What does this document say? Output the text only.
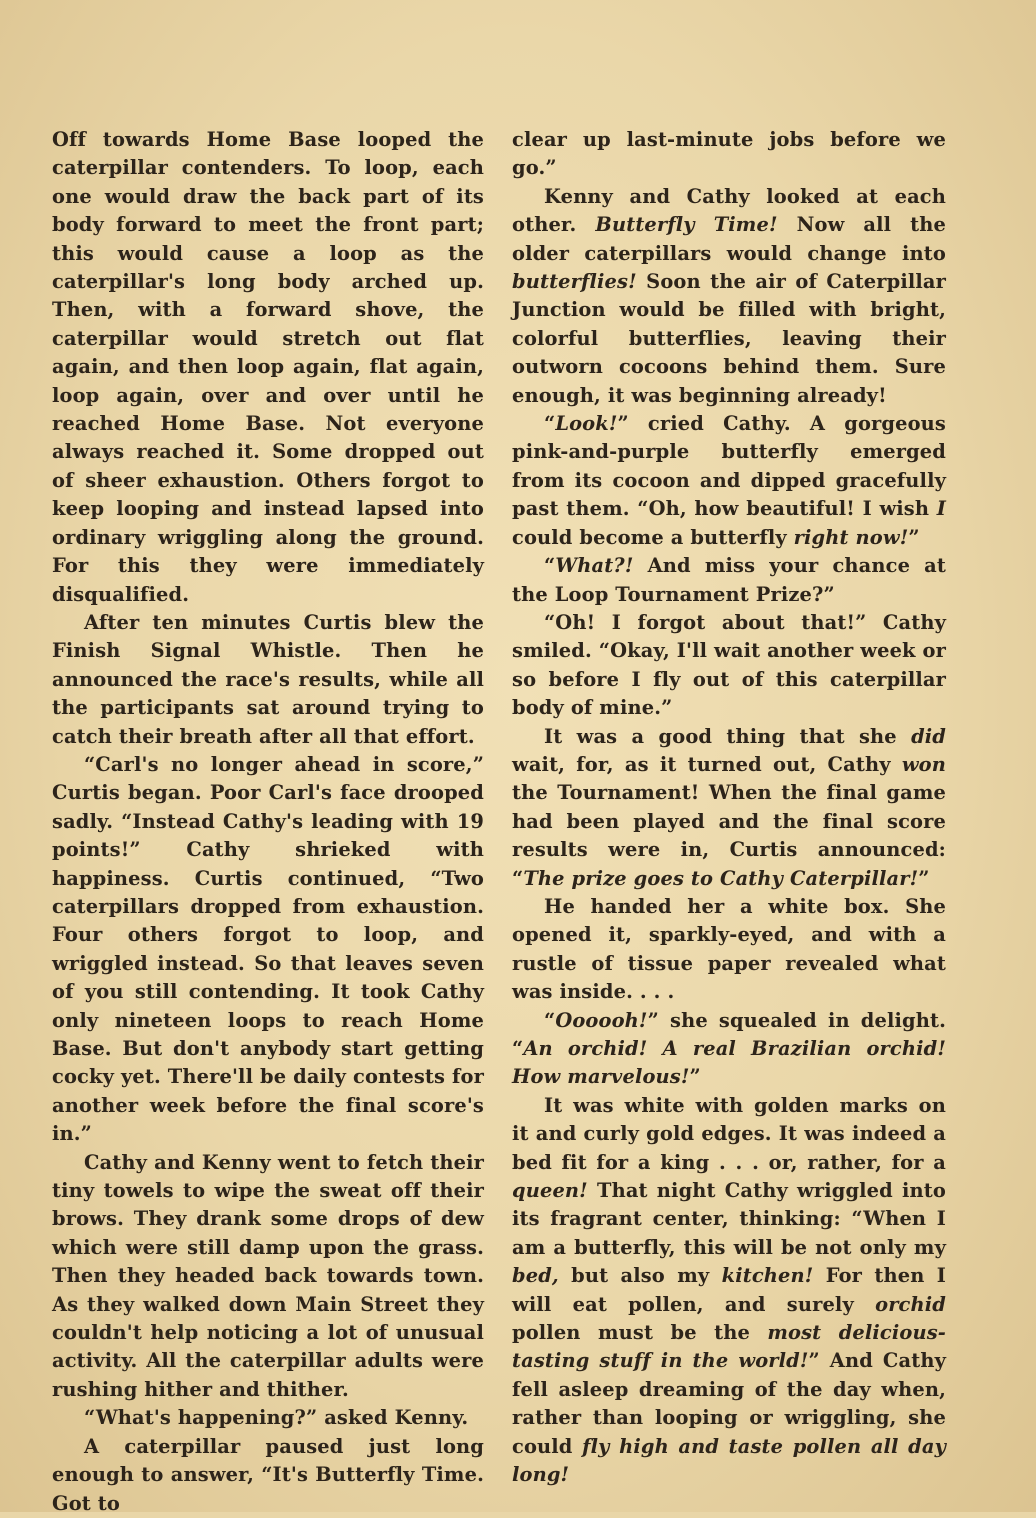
Off towards Home Base looped the caterpillar contenders. To loop, each one would draw the back part of its body forward to meet the front part; this would cause a loop as the caterpillar's long body arched up. Then, with a forward shove, the caterpillar would stretch out flat again, and then loop again, flat again, loop again, over and over until he reached Home Base. Not everyone always reached it. Some dropped out of sheer exhaustion. Others forgot to keep looping and instead lapsed into ordinary wriggling along the ground. For this they were immediately disqualified.

After ten minutes Curtis blew the Finish Signal Whistle. Then he announced the race's results, while all the participants sat around trying to catch their breath after all that effort.

“Carl's no longer ahead in score,” Curtis began. Poor Carl's face drooped sadly. “Instead Cathy's leading with 19 points!” Cathy shrieked with happiness. Curtis continued, “Two caterpillars dropped from exhaustion. Four others forgot to loop, and wriggled instead. So that leaves seven of you still contending. It took Cathy only nineteen loops to reach Home Base. But don't anybody start getting cocky yet. There'll be daily contests for another week before the final score's in.”

Cathy and Kenny went to fetch their tiny towels to wipe the sweat off their brows. They drank some drops of dew which were still damp upon the grass. Then they headed back towards town. As they walked down Main Street they couldn't help noticing a lot of unusual activity. All the caterpillar adults were rushing hither and thither.

“What's happening?” asked Kenny.

A caterpillar paused just long enough to answer, “It's Butterfly Time. Got to

clear up last-minute jobs before we go.”

Kenny and Cathy looked at each other. Butterfly Time! Now all the older caterpillars would change into butterflies! Soon the air of Caterpillar Junction would be filled with bright, colorful butterflies, leaving their outworn cocoons behind them. Sure enough, it was beginning already!

“Look!” cried Cathy. A gorgeous pink-and-purple butterfly emerged from its cocoon and dipped gracefully past them. “Oh, how beautiful! I wish I could become a butterfly right now!”

“What?! And miss your chance at the Loop Tournament Prize?”

“Oh! I forgot about that!” Cathy smiled. “Okay, I'll wait another week or so before I fly out of this caterpillar body of mine.”

It was a good thing that she did wait, for, as it turned out, Cathy won the Tournament! When the final game had been played and the final score results were in, Curtis announced: “The prize goes to Cathy Caterpillar!”

He handed her a white box. She opened it, sparkly-eyed, and with a rustle of tissue paper revealed what was inside. . . .

“Oooooh!” she squealed in delight. “An orchid! A real Brazilian orchid! How marvelous!”

It was white with golden marks on it and curly gold edges. It was indeed a bed fit for a king . . . or, rather, for a queen! That night Cathy wriggled into its fragrant center, thinking: “When I am a butterfly, this will be not only my bed, but also my kitchen! For then I will eat pollen, and surely orchid pollen must be the most delicious-tasting stuff in the world!” And Cathy fell asleep dreaming of the day when, rather than looping or wriggling, she could fly high and taste pollen all day long!
